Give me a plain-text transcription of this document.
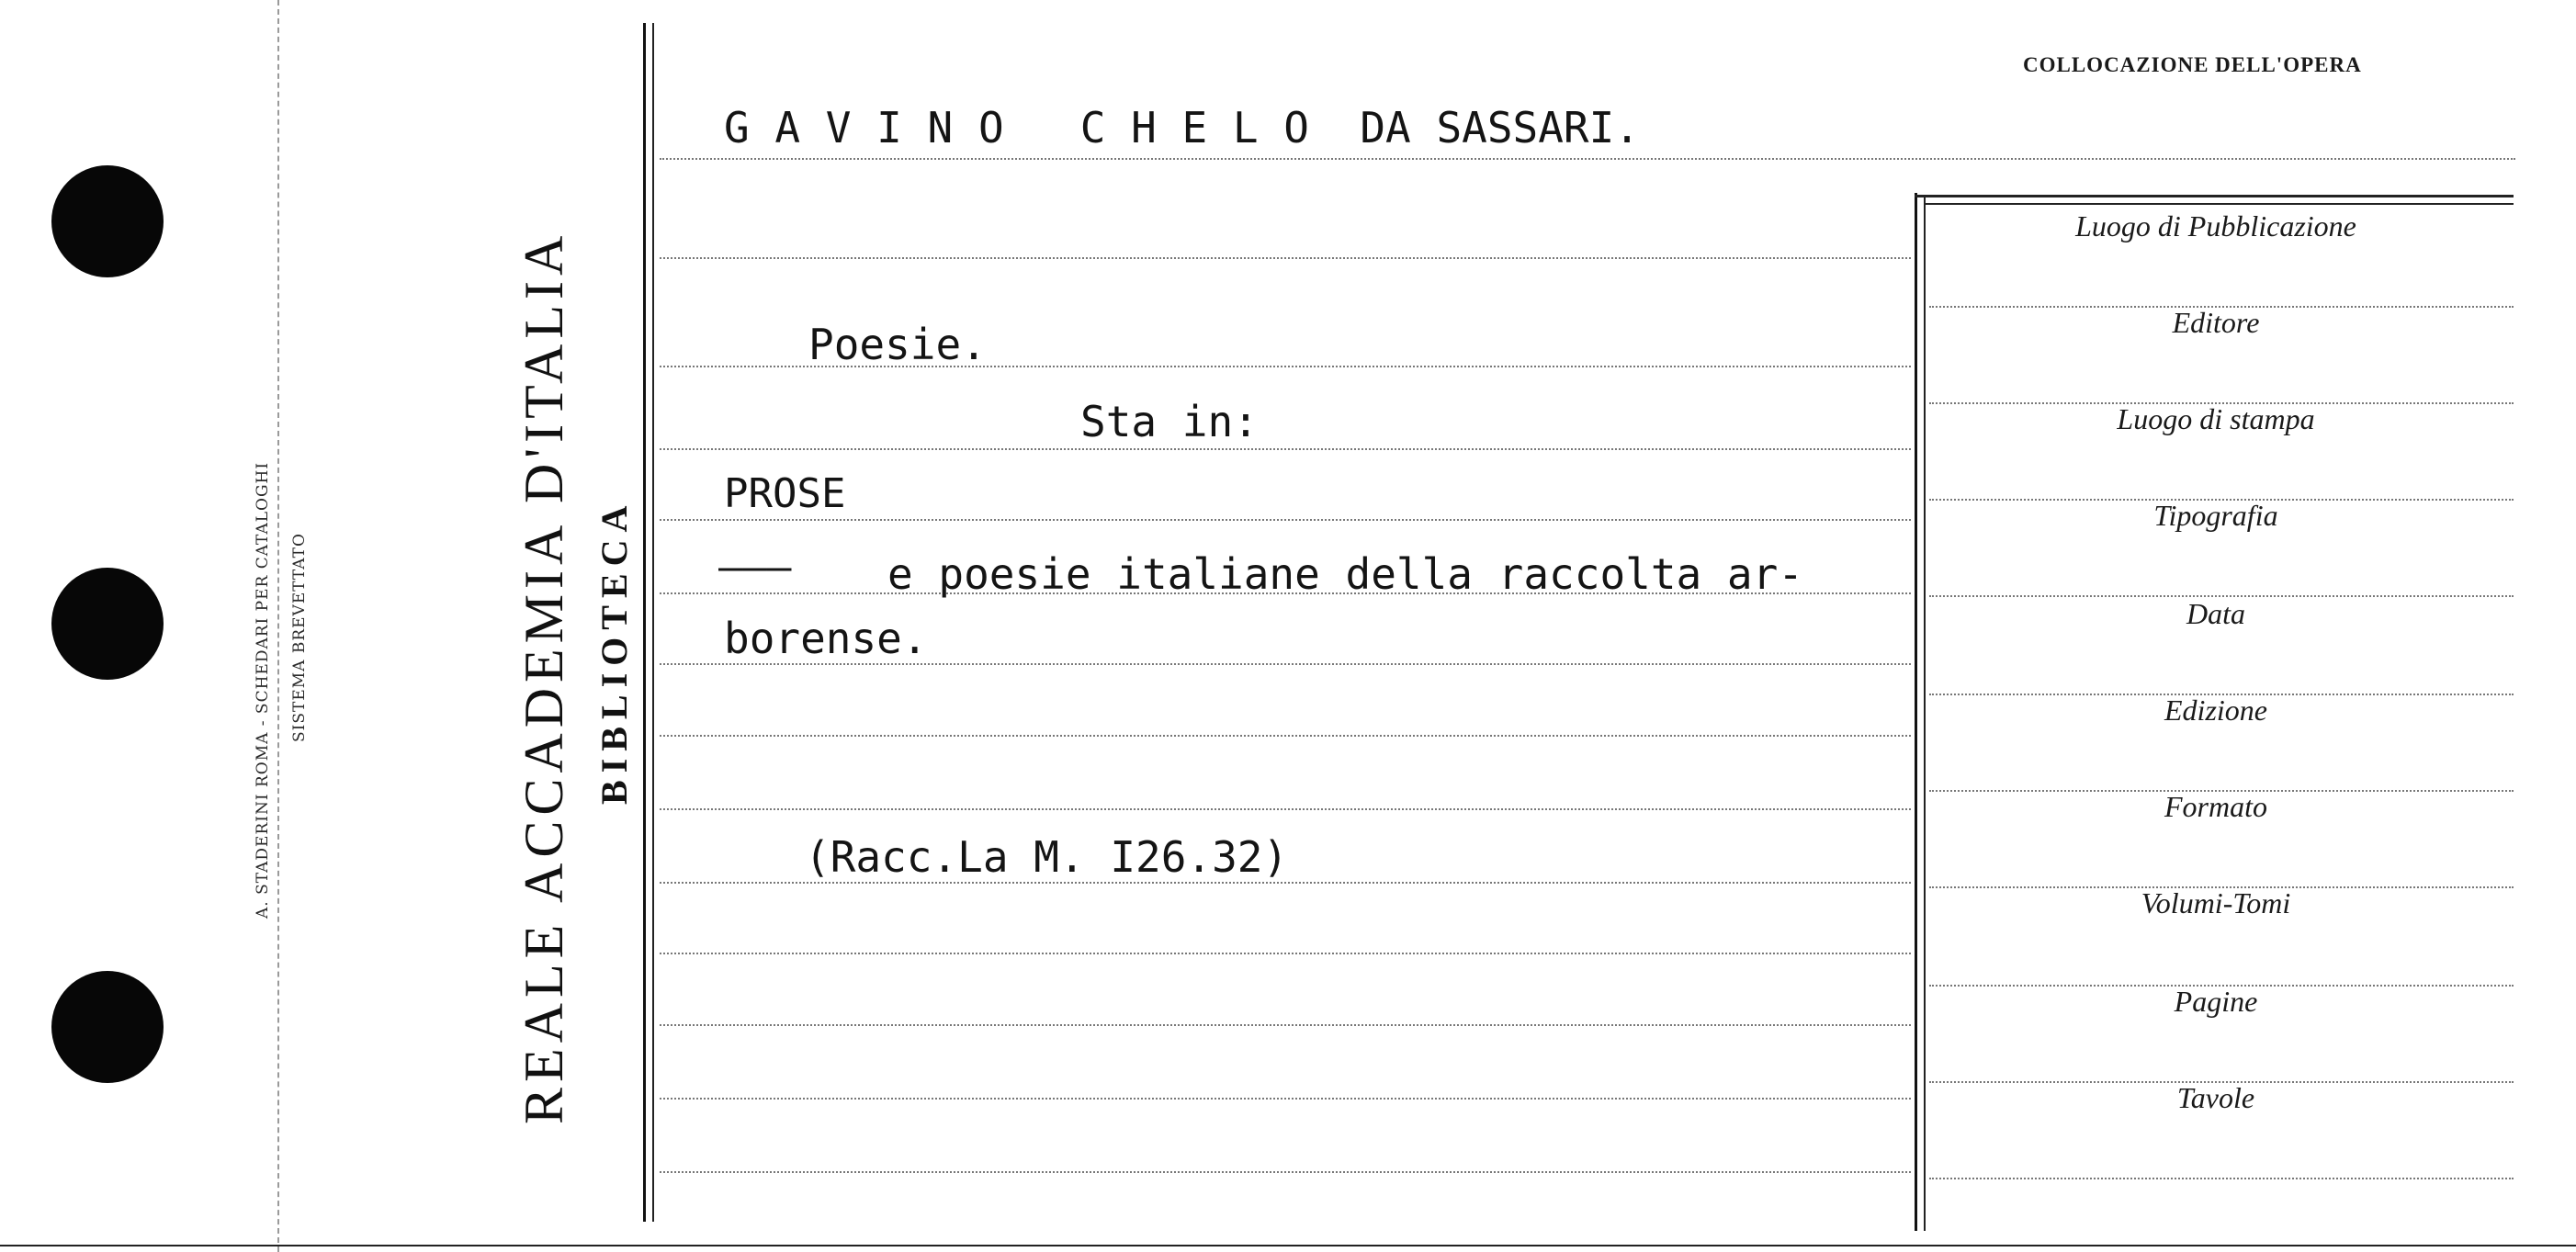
A. STADERINI ROMA - SCHEDARI PER CATALOGHI SISTEMA BREVETTATO	REALE ACCADEMIA D'ITALIA BIBLIOTECA
COLLOCAZIONE DELL'OPERA
Luogo di Pubblicazione
Editore
Luogo di stampa
Tipografia
Data
Edizione
Formato
Volumi-Tomi
Pagine
Tavole
G A V I N O   C H E L O  DA SASSARI.
Poesie.
Sta in:
PROSE
——— e poesie italiane della raccolta ar-
borense.
(Racc.La M. I26.32)
